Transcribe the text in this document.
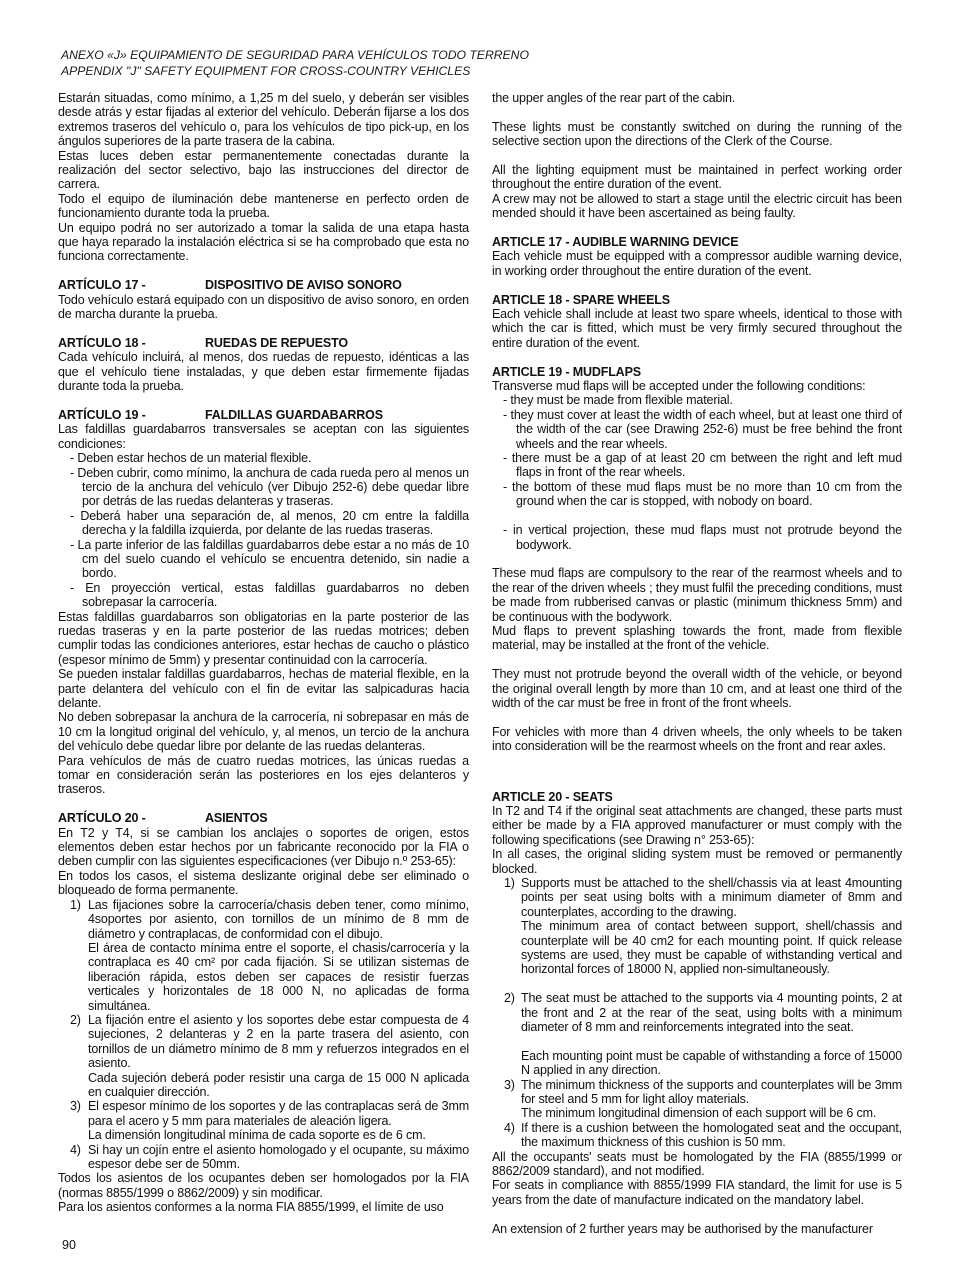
ANEXO «J» EQUIPAMIENTO DE SEGURIDAD PARA VEHÍCULOS TODO TERRENO
APPENDIX "J" SAFETY EQUIPMENT FOR CROSS-COUNTRY VEHICLES

Estarán situadas, como mínimo, a 1,25 m del suelo, y deberán ser visibles desde atrás y estar fijadas al exterior del vehículo. Deberán fijarse a los dos extremos traseros del vehículo o, para los vehículos de tipo pick-up, en los ángulos superiores de la parte trasera de la cabina.

Estas luces deben estar permanentemente conectadas durante la realización del sector selectivo, bajo las instrucciones del director de carrera.

Todo el equipo de iluminación debe mantenerse en perfecto orden de funcionamiento durante toda la prueba.

Un equipo podrá no ser autorizado a tomar la salida de una etapa hasta que haya reparado la instalación eléctrica si se ha comprobado que esta no funciona correctamente.

ARTÍCULO 17 -	DISPOSITIVO DE AVISO SONORO

Todo vehículo estará equipado con un dispositivo de aviso sonoro, en orden de marcha durante la prueba.

ARTÍCULO 18 -	RUEDAS DE REPUESTO

Cada vehículo incluirá, al menos, dos ruedas de repuesto, idénticas a las que el vehículo tiene instaladas, y que deben estar firmemente fijadas durante toda la prueba.

ARTÍCULO 19 -	FALDILLAS GUARDABARROS

Las faldillas guardabarros transversales se aceptan con las siguientes condiciones:

- Deben estar hechos de un material flexible.

- Deben cubrir, como mínimo, la anchura de cada rueda pero al menos un tercio de la anchura del vehículo (ver Dibujo 252-6) debe quedar libre por detrás de las ruedas delanteras y traseras.

- Deberá haber una separación de, al menos, 20 cm entre la faldilla derecha y la faldilla izquierda, por delante de las ruedas traseras.

- La parte inferior de las faldillas guardabarros debe estar a no más de 10 cm del suelo cuando el vehículo se encuentra detenido, sin nadie a bordo.

- En proyección vertical, estas faldillas guardabarros no deben sobrepasar la carrocería.

Estas faldillas guardabarros son obligatorias en la parte posterior de las ruedas traseras y en la parte posterior de las ruedas motrices; deben cumplir todas las condiciones anteriores, estar hechas de caucho o plástico (espesor mínimo de 5mm) y presentar continuidad con la carrocería.

Se pueden instalar faldillas guardabarros, hechas de material flexible, en la parte delantera del vehículo con el fin de evitar las salpicaduras hacia delante.

No deben sobrepasar la anchura de la carrocería, ni sobrepasar en más de 10 cm la longitud original del vehículo, y, al menos, un tercio de la anchura del vehículo debe quedar libre por delante de las ruedas delanteras.

Para vehículos de más de cuatro ruedas motrices, las únicas ruedas a tomar en consideración serán las posteriores en los ejes delanteros y traseros.

ARTÍCULO 20 -	ASIENTOS

En T2 y T4, si se cambian los anclajes o soportes de origen, estos elementos deben estar hechos por un fabricante reconocido por la FIA o deben cumplir con las siguientes especificaciones (ver Dibujo n.º 253-65):

En todos los casos, el sistema deslizante original debe ser eliminado o bloqueado de forma permanente.

1) Las fijaciones sobre la carrocería/chasis deben tener, como mínimo, 4soportes por asiento, con tornillos de un mínimo de 8 mm de diámetro y contraplacas, de conformidad con el dibujo.

El área de contacto mínima entre el soporte, el chasis/carrocería y la contraplaca es 40 cm² por cada fijación. Si se utilizan sistemas de liberación rápida, estos deben ser capaces de resistir fuerzas verticales y horizontales de 18 000 N, no aplicadas de forma simultánea.

2) La fijación entre el asiento y los soportes debe estar compuesta de 4 sujeciones, 2 delanteras y 2 en la parte trasera del asiento, con tornillos de un diámetro mínimo de 8 mm y refuerzos integrados en el asiento.

Cada sujeción deberá poder resistir una carga de 15 000 N aplicada en cualquier dirección.

3) El espesor mínimo de los soportes y de las contraplacas será de 3mm para el acero y 5 mm para materiales de aleación ligera.

La dimensión longitudinal mínima de cada soporte es de 6 cm.

4) Si hay un cojín entre el asiento homologado y el ocupante, su máximo espesor debe ser de 50mm.

Todos los asientos de los ocupantes deben ser homologados por la FIA (normas 8855/1999 o 8862/2009) y sin modificar.

Para los asientos conformes a la norma FIA 8855/1999, el límite de uso

the upper angles of the rear part of the cabin.

These lights must be constantly switched on during the running of the selective section upon the directions of the Clerk of the Course.

All the lighting equipment must be maintained in perfect working order throughout the entire duration of the event.

A crew may not be allowed to start a stage until the electric circuit has been mended should it have been ascertained as being faulty.

ARTICLE 17 - AUDIBLE WARNING DEVICE

Each vehicle must be equipped with a compressor audible warning device, in working order throughout the entire duration of the event.

ARTICLE 18 - SPARE WHEELS

Each vehicle shall include at least two spare wheels, identical to those with which the car is fitted, which must be very firmly secured throughout the entire duration of the event.

ARTICLE 19 - MUDFLAPS

Transverse mud flaps will be accepted under the following conditions:

- they must be made from flexible material.

- they must cover at least the width of each wheel, but at least one third of the width of the car (see Drawing 252-6) must be free behind the front wheels and the rear wheels.

- there must be a gap of at least 20 cm between the right and left mud flaps in front of the rear wheels.

- the bottom of these mud flaps must be no more than 10 cm from the ground when the car is stopped, with nobody on board.

- in vertical projection, these mud flaps must not protrude beyond the bodywork.

These mud flaps are compulsory to the rear of the rearmost wheels and to the rear of the driven wheels ; they must fulfil the preceding conditions, must be made from rubberised canvas or plastic (minimum thickness 5mm) and be continuous with the bodywork.

Mud flaps to prevent splashing towards the front, made from flexible material, may be installed at the front of the vehicle.

They must not protrude beyond the overall width of the vehicle, or beyond the original overall length by more than 10 cm, and at least one third of the width of the car must be free in front of the front wheels.

For vehicles with more than 4 driven wheels, the only wheels to be taken into consideration will be the rearmost wheels on the front and rear axles.

ARTICLE 20 - SEATS

In T2 and T4 if the original seat attachments are changed, these parts must either be made by a FIA approved manufacturer or must comply with the following specifications (see Drawing n° 253-65):

In all cases, the original sliding system must be removed or permanently blocked.

1) Supports must be attached to the shell/chassis via at least 4mounting points per seat using bolts with a minimum diameter of 8mm and counterplates, according to the drawing.

The minimum area of contact between support, shell/chassis and counterplate will be 40 cm2 for each mounting point. If quick release systems are used, they must be capable of withstanding vertical and horizontal forces of 18000 N, applied non-simultaneously.

2) The seat must be attached to the supports via 4 mounting points, 2 at the front and 2 at the rear of the seat, using bolts with a minimum diameter of 8 mm and reinforcements integrated into the seat.

Each mounting point must be capable of withstanding a force of 15000 N applied in any direction.

3) The minimum thickness of the supports and counterplates will be 3mm for steel and 5 mm for light alloy materials.

The minimum longitudinal dimension of each support will be 6 cm.

4) If there is a cushion between the homologated seat and the occupant, the maximum thickness of this cushion is 50 mm.

All the occupants' seats must be homologated by the FIA (8855/1999 or 8862/2009 standard), and not modified.

For seats in compliance with 8855/1999 FIA standard, the limit for use is 5 years from the date of manufacture indicated on the mandatory label.

An extension of 2 further years may be authorised by the manufacturer

90
